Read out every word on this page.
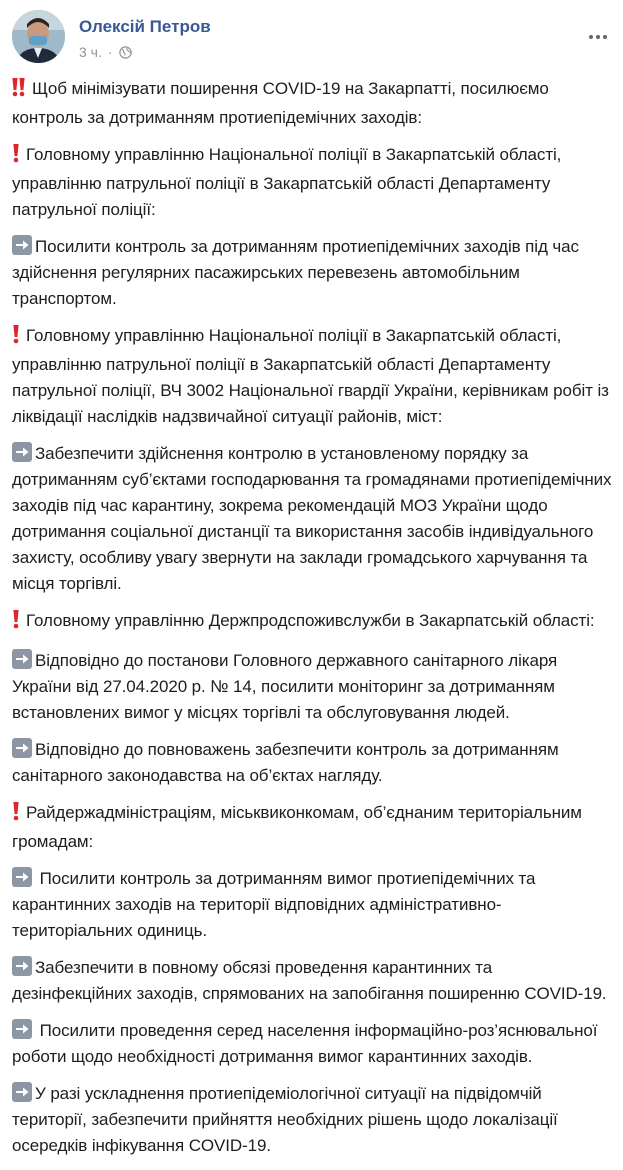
Олексій Петров
3 ч. ·

Щоб мінімізувати поширення COVID-19 на Закарпатті, посилюємо контроль за дотриманням протиепідемічних заходів:

Головному управлінню Національної поліції в Закарпатській області, управлінню патрульної поліції в Закарпатській області Департаменту патрульної поліції:

Посилити контроль за дотриманням протиепідемічних заходів під час здійснення регулярних пасажирських перевезень автомобільним транспортом.

Головному управлінню Національної поліції в Закарпатській області, управлінню патрульної поліції в Закарпатській області Департаменту патрульної поліції, ВЧ 3002 Національної гвардії України, керівникам робіт із ліквідації наслідків надзвичайної ситуації районів, міст:

Забезпечити здійснення контролю в установленому порядку за дотриманням суб’єктами господарювання та громадянами протиепідемічних заходів під час карантину, зокрема рекомендацій МОЗ України щодо дотримання соціальної дистанції та використання засобів індивідуального захисту, особливу увагу звернути на заклади громадського харчування та місця торгівлі.

Головному управлінню Держпродспоживслужби в Закарпатській області:

Відповідно до постанови Головного державного санітарного лікаря України від 27.04.2020 р. № 14, посилити моніторинг за дотриманням встановлених вимог у місцях торгівлі та обслуговування людей.

Відповідно до повноважень забезпечити контроль за дотриманням санітарного законодавства на об’єктах нагляду.

Райдержадміністраціям, міськвиконкомам, об’єднаним територіальним громадам:

Посилити контроль за дотриманням вимог протиепідемічних та карантинних заходів на території відповідних адміністративно-територіальних одиниць.

Забезпечити в повному обсязі проведення карантинних та дезінфекційних заходів, спрямованих на запобігання поширенню COVID-19.

Посилити проведення серед населення інформаційно-роз’яснювальної роботи щодо необхідності дотримання вимог карантинних заходів.

У разі ускладнення протиепідеміологічної ситуації на підвідомчій території, забезпечити прийняття необхідних рішень щодо локалізації осередків інфікування COVID-19.
